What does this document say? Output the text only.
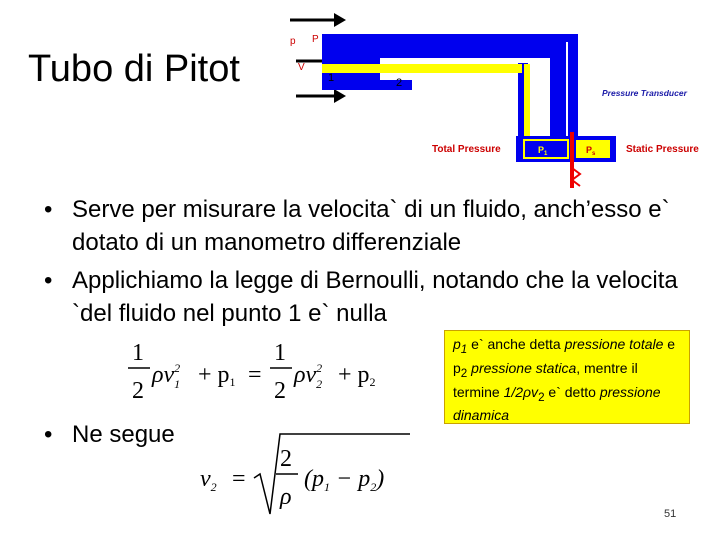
Tubo di Pitot
p P
V
1	2
Pressure Transducer
Total Pressure	Static Pressure
$P_1$	$P_s$
• Serve per misurare la velocita` di un fluido, anch’esso e` dotato di un manometro differenziale
• Applichiamo la legge di Bernoulli, notando che la velocita `del fluido nel punto 1 e` nulla
• Ne segue
$p_1$ e` anche detta pressione totale e $p_2$ pressione statica, mentre il termine $1/2\rho v_2$ e` detto pressione dinamica
1
2
$\rho v^2$ 1 + p1 =
1
2
$\rho v^2$ 2 + p2
$v_2$ =
2
ρ
$(p_1 - p_2)$
51
